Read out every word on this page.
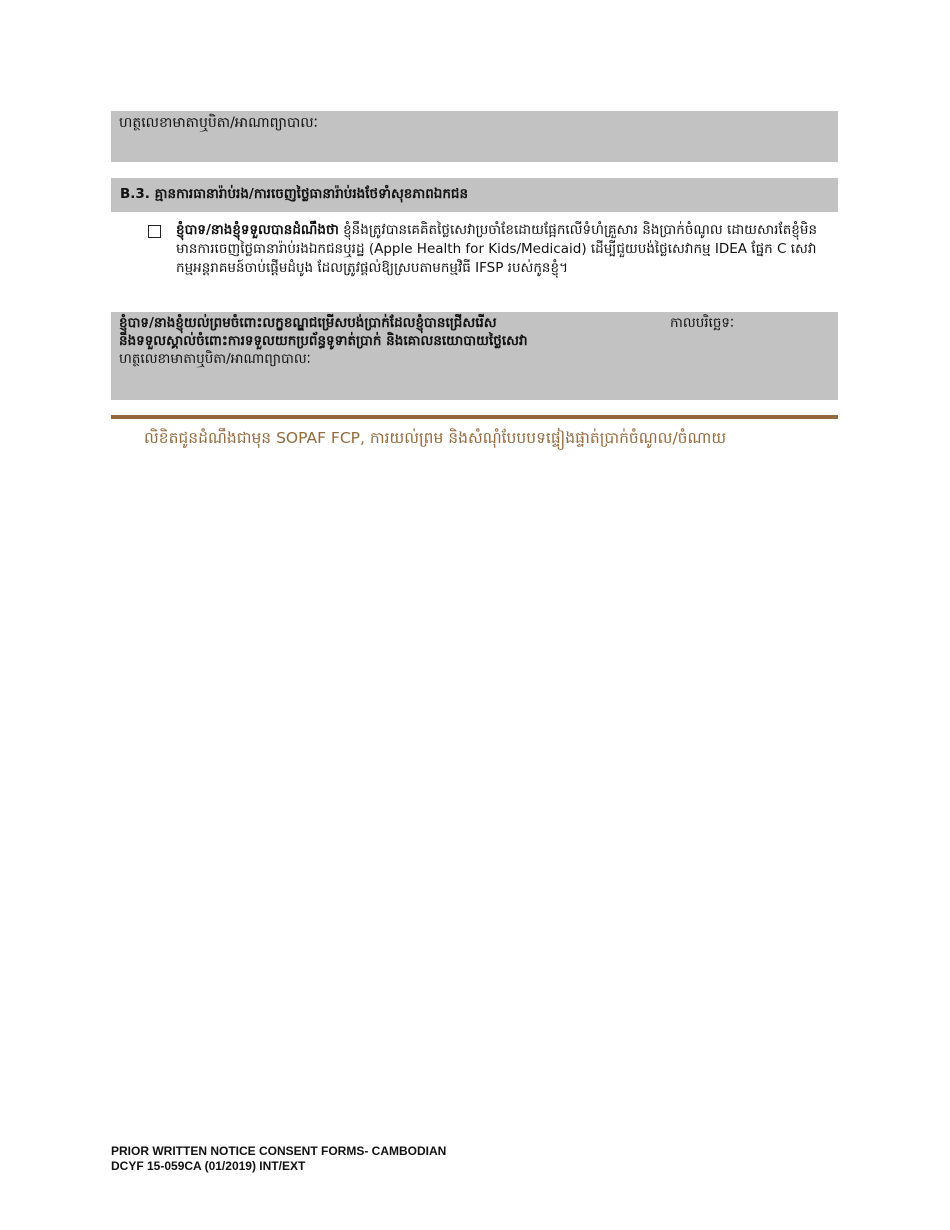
ហត្ថលេខាមាតាឬបិតា/អាណាព្យាបាលៈ
B.3. គ្មានការធានារ៉ាប់រង/ការចេញថ្លៃធានារ៉ាប់រងថែទាំសុខភាពឯកជន
ខ្ញុំបាទ/នាងខ្ញុំទទួលបានដំណឹងថា ខ្ញុំនឹងត្រូវបានគេគិតថ្លៃសេវាប្រចាំខែដោយផ្អែកលើទំហំគ្រួសារ និងប្រាក់ចំណូល ដោយសារតែខ្ញុំមិនមានការចេញថ្លៃធានារ៉ាប់រងឯកជនឬរដ្ឋ (Apple Health for Kids/Medicaid) ដើម្បីជួយបង់ថ្លៃសេវាកម្ម IDEA ផ្នែក C សេវាកម្មអន្តរាគមន៍ចាប់ផ្តើមដំបូង ដែលត្រូវផ្តល់ឱ្យស្របតាមកម្មវិធី IFSP របស់កូនខ្ញុំ។
ខ្ញុំបាទ/នាងខ្ញុំយល់ព្រមចំពោះលក្ខខណ្ឌជម្រើសបង់ប្រាក់ដែលខ្ញុំបានជ្រើសរើស
និងទទួលស្គាល់ចំពោះការទទួលយកប្រព័ន្ធទូទាត់ប្រាក់ និងគោលនយោបាយថ្លៃសេវា
កាលបរិច្ឆេទៈ
ហត្ថលេខាមាតាឬបិតា/អាណាព្យាបាលៈ
លិខិតជូនដំណឹងជាមុន SOPAF FCP, ការយល់ព្រម និងសំណុំបែបបទផ្ទៀងផ្ទាត់ប្រាក់ចំណូល/ចំណាយ
PRIOR WRITTEN NOTICE CONSENT FORMS- CAMBODIAN
DCYF 15-059CA (01/2019) INT/EXT
